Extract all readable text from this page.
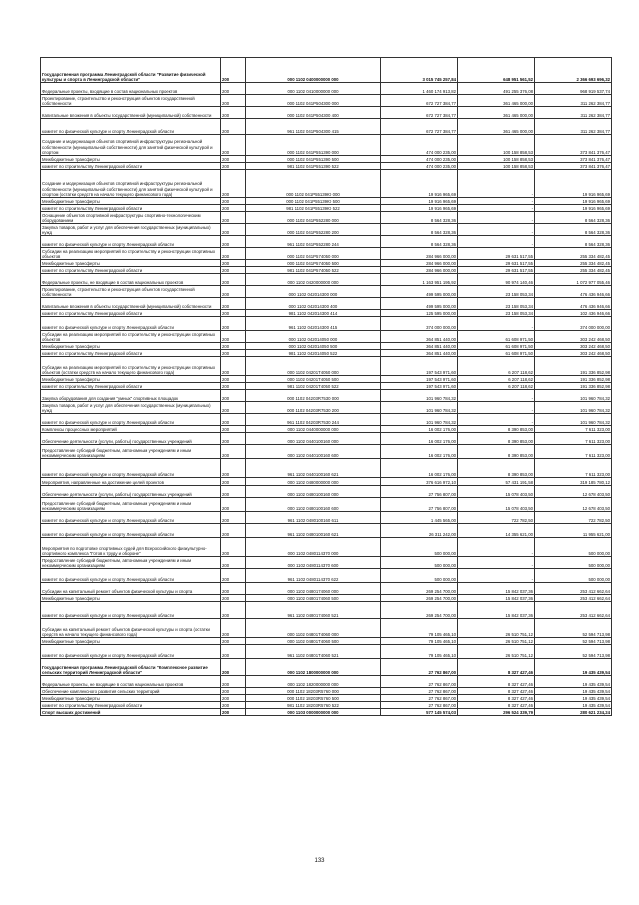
Государственная программа Ленинградской области "Развитие физической культуры и спорта в Ленинградской области"	200	000 1102 0400000000 000	3 015 745 257,84	648 951 561,52	2 366 693 696,32
Федеральные проекты, входящие в состав национальных проектов	200	000 1102 0410000000 000	1 460 174 913,82	491 255 376,08	968 919 537,74
Проектирование, строительство и реконструкция объектов государственной собственности	200	000 1102 041P504300 000	672 727 384,77	361 465 000,00	311 262 384,77
Капитальные вложения в объекты государственной (муниципальной) собственности	200	000 1102 041P504300 400	672 727 384,77	361 465 000,00	311 262 384,77
комитет по физической культуре и спорту Ленинградской области	200	961 1102 041P504300 415	672 727 384,77	361 465 000,00	311 262 384,77
Создание и модернизация объектов спортивной инфраструктуры региональной собственности (муниципальной собственности) для занятий физической культурой и спортом	200	000 1102 041P551390 000	474 000 235,00	100 158 858,53	373 841 376,47
Межбюджетные трансферты	200	000 1102 041P551390 500	474 000 235,00	100 158 858,53	373 841 376,47
комитет по строительству Ленинградской области	200	981 1102 041P551390 522	474 000 235,00	100 158 858,53	373 841 376,47
Создание и модернизация объектов спортивной инфраструктуры региональной собственности (муниципальной собственности) для занятий физической культурой и спортом (остатки средств на начало текущего финансового года)	200	000 1102 041P55139Ю 000	19 916 965,69	-	19 916 965,69
Межбюджетные трансферты	200	000 1102 041P55139Ю 500	19 916 965,69	-	19 916 965,69
комитет по строительству Ленинградской области	200	981 1102 041P55139Ю 522	19 916 965,69	-	19 916 965,69
Оснащение объектов спортивной инфраструктуры спортивно-технологическим оборудованием	200	000 1102 041P552280 000	8 564 328,36	-	8 564 328,36
Закупка товаров, работ и услуг для обеспечения государственных (муниципальных) нужд	200	000 1102 041P552280 200	8 564 328,36	-	8 564 328,36
комитет по физической культуре и спорту Ленинградской области	200	961 1102 041P552280 244	8 564 328,36	-	8 564 328,36
Субсидии на реализацию мероприятий по строительству и реконструкции спортивных объектов	200	000 1102 041P574050 000	284 966 000,00	29 631 517,55	255 334 482,45
Межбюджетные трансферты	200	000 1102 041P574050 500	284 966 000,00	29 631 517,55	255 334 482,45
комитет по строительству Ленинградской области	200	981 1102 041P574050 522	284 966 000,00	29 631 517,55	255 334 482,45
Федеральные проекты, не входящие в состав национальных проектов	200	000 1102 0420000000 000	1 163 951 195,92	90 974 140,46	1 072 977 055,46
Проектирование, строительство и реконструкция объектов государственной собственности	200	000 1102 042014300 000	499 595 000,00	23 158 053,34	476 436 946,66
Капитальные вложения в объекты государственной (муниципальной) собственности	200	000 1102 042014300 400	499 595 000,00	23 158 053,34	476 436 946,66
комитет по строительству Ленинградской области	200	981 1102 042014300 414	125 595 000,00	23 158 053,34	102 436 946,66
комитет по физической культуре и спорту Ленинградской области	200	961 1102 042014300 415	374 000 000,00	-	374 000 000,00
Субсидии на реализацию мероприятий по строительству и реконструкции спортивных объектов	200	000 1102 042014050 000	364 851 440,00	61 608 971,50	303 242 468,50
Межбюджетные трансферты	200	000 1102 042014050 500	364 851 440,00	61 608 971,50	303 242 468,50
комитет по строительству Ленинградской области	200	981 1102 042014050 522	364 851 440,00	61 608 971,50	303 242 468,50
Субсидии на реализацию мероприятий по строительству и реконструкции спортивных объектов (остатки средств на начало текущего финансового года)	200	000 1102 04201Т4050 000	197 543 971,60	6 207 118,62	191 336 852,98
Межбюджетные трансферты	200	000 1102 04201Т4050 500	197 543 971,60	6 207 118,62	191 336 852,98
комитет по строительству Ленинградской области	200	981 1102 04201Т4050 522	197 543 971,60	6 207 118,62	191 336 852,98
Закупка оборудования для создания "умных" спортивных площадок	200	000 1102 04203R7530 000	101 960 784,32	-	101 960 784,32
Закупка товаров, работ и услуг для обеспечения государственных (муниципальных) нужд	200	000 1102 04203R7530 200	101 960 784,32	-	101 960 784,32
комитет по физической культуре и спорту Ленинградской области	200	961 1102 04203R7530 244	101 960 784,32	-	101 960 784,32
Комплексы процессных мероприятий	200	000 1102 0440000000 000	16 002 176,00	8 390 853,00	7 611 323,00
Обеспечение деятельности (услуги, работы) государственных учреждений	200	000 1102 0440100160 000	16 002 176,00	8 390 853,00	7 611 323,00
Предоставление субсидий бюджетным, автономным учреждениям и иным некоммерческим организациям	200	000 1102 0440100160 600	16 002 176,00	8 390 853,00	7 611 323,00
комитет по физической культуре и спорту Ленинградской области	200	961 1102 0440100160 621	16 002 176,00	8 390 853,00	7 611 323,00
Мероприятия, направленные на достижение целей проектов	200	000 1102 0480000000 000	376 616 972,10	57 431 191,58	319 185 780,12
Обеспечение деятельности (услуги, работы) государственных учреждений	200	000 1102 0480100160 000	27 756 807,00	15 078 403,50	12 678 403,50
Предоставление субсидий бюджетным, автономным учреждениям и иным некоммерческим организациям	200	000 1102 0480100160 600	27 756 807,00	15 078 403,50	12 678 403,50
комитет по физической культуре и спорту Ленинградской области	200	961 1102 0480100160 611	1 445 565,00	722 782,50	722 782,50
комитет по физической культуре и спорту Ленинградской области	200	961 1102 0480100160 621	26 311 242,00	14 355 621,00	11 955 621,00
Мероприятия по подготовке спортивных судей для Всероссийского физкультурно-спортивного комплекса "Готов к труду и обороне"	200	000 1102 0480114370 000	500 000,00	-	500 000,00
Предоставление субсидий бюджетным, автономным учреждениям и иным некоммерческим организациям	200	000 1102 0480114370 600	500 000,00	-	500 000,00
комитет по физической культуре и спорту Ленинградской области	200	961 1102 0480114370 622	500 000,00	-	500 000,00
Субсидии на капитальный ремонт объектов физической культуры и спорта	200	000 1102 0480174060 000	269 254 700,00	15 842 037,36	253 412 662,64
Межбюджетные трансферты	200	000 1102 0480174060 500	269 254 700,00	15 842 037,36	253 412 662,64
комитет по физической культуре и спорту Ленинградской области	200	961 1102 0480174060 521	269 254 700,00	15 842 037,36	253 412 662,64
Субсидии на капитальный ремонт объектов физической культуры и спорта (остатки средств на начало текущего финансового года)	200	000 1102 04801Т4060 000	79 105 465,10	26 510 751,12	52 594 713,98
Межбюджетные трансферты	200	000 1102 04801Т4060 500	79 105 465,10	26 510 751,12	52 594 713,98
комитет по физической культуре и спорту Ленинградской области	200	961 1102 04801Т4060 521	79 105 465,10	26 510 751,12	52 594 713,98
Государственная программа Ленинградской области "Комплексное развитие сельских территорий Ленинградской области"	200	000 1102 1800000000 000	27 762 867,00	8 327 427,46	19 435 439,54
Федеральные проекты, не входящие в состав национальных проектов	200	000 1102 1820000000 000	27 762 867,00	8 327 427,46	19 435 439,54
Обеспечение комплексного развития сельских территорий	200	000 1102 18203R5760 000	27 762 867,00	8 327 427,46	19 435 439,54
Межбюджетные трансферты	200	000 1102 18203R5760 500	27 762 867,00	8 327 427,46	19 435 439,54
комитет по строительству Ленинградской области	200	981 1102 18203R5760 522	27 762 867,00	8 327 427,46	19 435 439,54
Спорт высших достижений	200	000 1103 0000000000 000	577 145 574,03	296 524 339,79	280 621 234,24
133
